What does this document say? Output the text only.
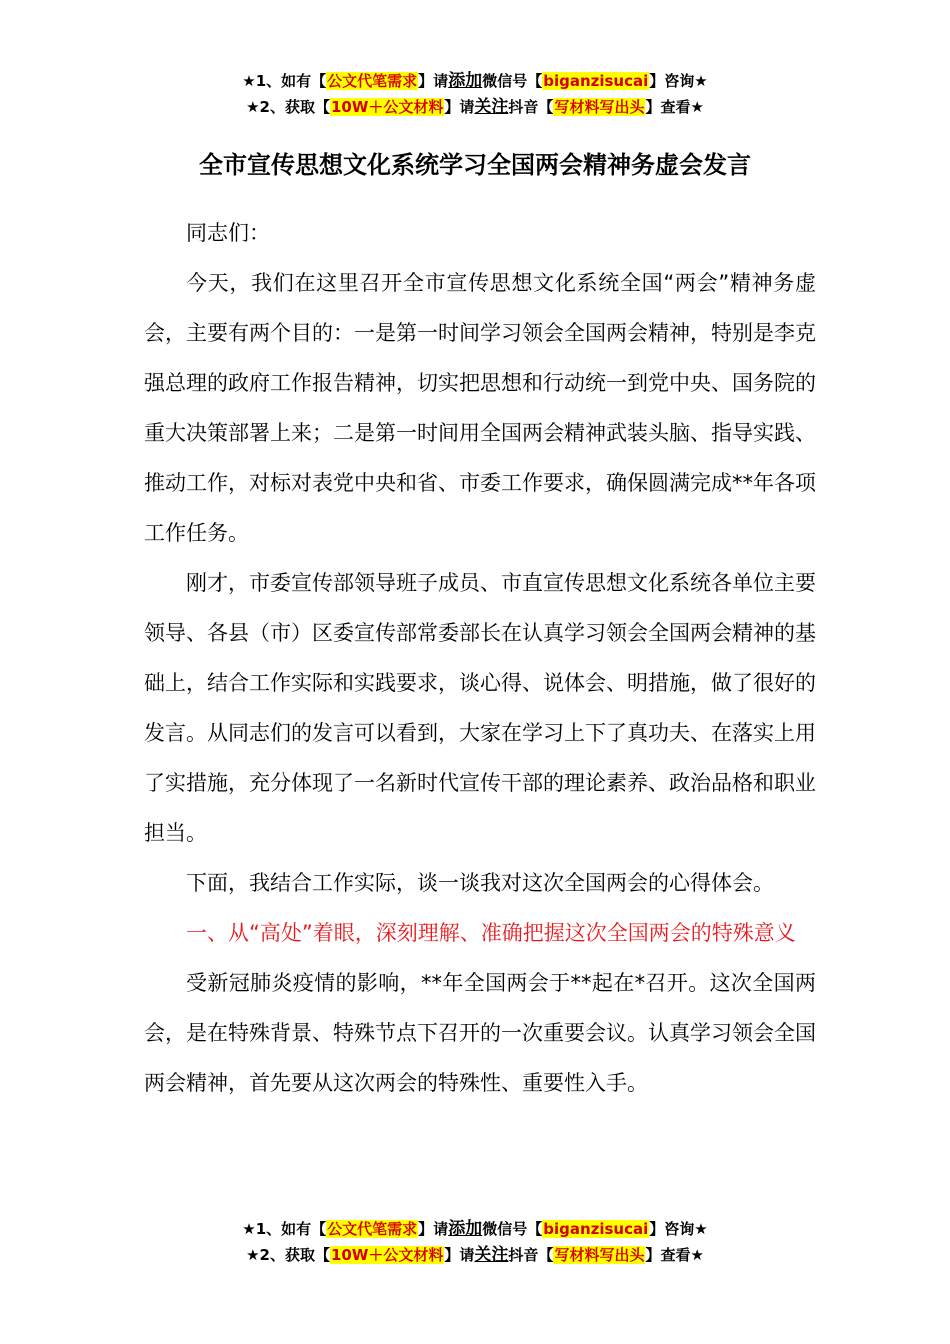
★1、如有【公文代笔需求】请添加微信号【biganzisucai】咨询★
★2、获取【10W＋公文材料】请关注抖音【写材料写出头】查看★
全市宣传思想文化系统学习全国两会精神务虚会发言

同志们：

今天，我们在这里召开全市宣传思想文化系统全国“两会”精神务虚会，主要有两个目的：一是第一时间学习领会全国两会精神，特别是李克强总理的政府工作报告精神，切实把思想和行动统一到党中央、国务院的重大决策部署上来；二是第一时间用全国两会精神武装头脑、指导实践、推动工作，对标对表党中央和省、市委工作要求，确保圆满完成**年各项工作任务。

刚才，市委宣传部领导班子成员、市直宣传思想文化系统各单位主要领导、各县（市）区委宣传部常委部长在认真学习领会全国两会精神的基础上，结合工作实际和实践要求，谈心得、说体会、明措施，做了很好的发言。从同志们的发言可以看到，大家在学习上下了真功夫、在落实上用了实措施，充分体现了一名新时代宣传干部的理论素养、政治品格和职业担当。

下面，我结合工作实际，谈一谈我对这次全国两会的心得体会。

一、从“高处”着眼，深刻理解、准确把握这次全国两会的特殊意义

受新冠肺炎疫情的影响，**年全国两会于**起在*召开。这次全国两会，是在特殊背景、特殊节点下召开的一次重要会议。认真学习领会全国两会精神，首先要从这次两会的特殊性、重要性入手。

★1、如有【公文代笔需求】请添加微信号【biganzisucai】咨询★
★2、获取【10W＋公文材料】请关注抖音【写材料写出头】查看★
